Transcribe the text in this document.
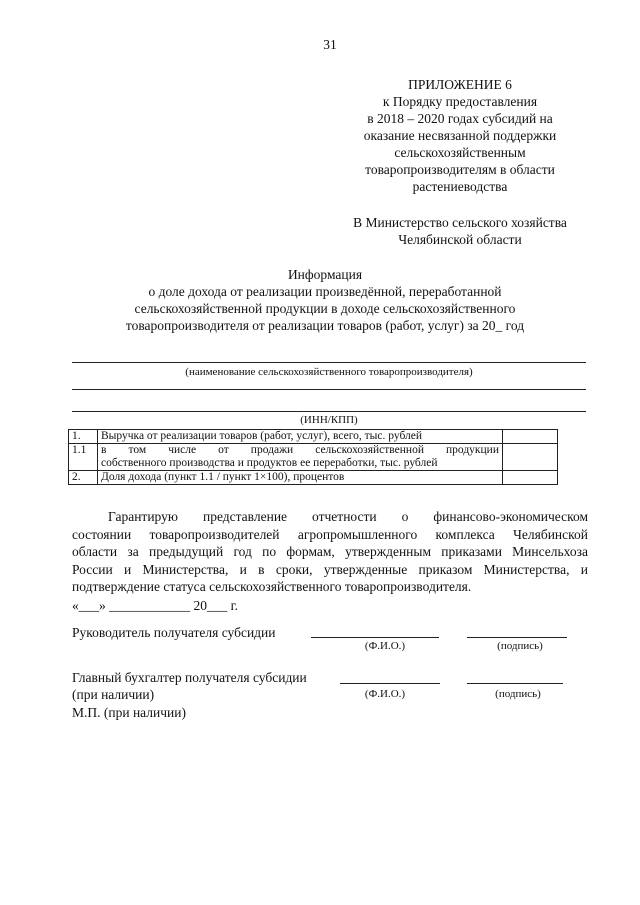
31
ПРИЛОЖЕНИЕ 6
к Порядку предоставления
в 2018 – 2020 годах субсидий на
оказание несвязанной поддержки
сельскохозяйственным
товаропроизводителям в области
растениеводства
В Министерство сельского хозяйства
Челябинской области
Информация
о доле дохода от реализации произведённой, переработанной
сельскохозяйственной продукции в доходе сельскохозяйственного
товаропроизводителя от реализации товаров (работ, услуг) за 20_ год
(наименование сельскохозяйственного товаропроизводителя)
(ИНН/КПП)
1.	Выручка от реализации товаров (работ, услуг), всего, тыс. рублей	
1.1	в том числе от продажи сельскохозяйственной продукции
собственного производства и продуктов ее переработки, тыс. рублей	

2.	Доля дохода (пункт 1.1 / пункт 1×100), процентов	
Гарантирую представление отчетности о финансово-экономическом
состоянии товаропроизводителей агропромышленного комплекса Челябинской
области за предыдущий год по формам, утвержденным приказами Минсельхоза
России и Министерства, и в сроки, утвержденные приказом Министерства, и
подтверждение статуса сельскохозяйственного товаропроизводителя.
«___» ____________ 20___ г.
Руководитель получателя субсидии
(Ф.И.О.)	(подпись)
Главный бухгалтер получателя субсидии
(при наличии)	(Ф.И.О.)	(подпись)
М.П. (при наличии)
